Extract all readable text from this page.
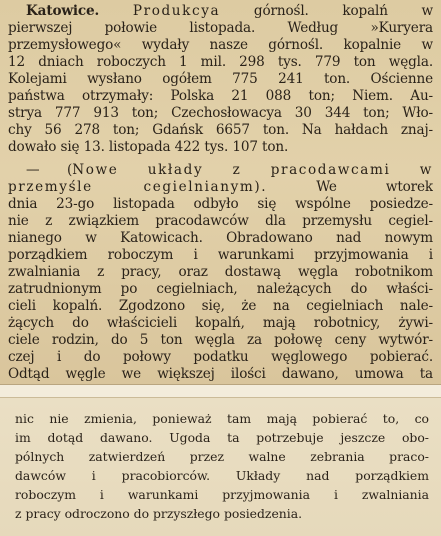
Katowice. Produkcya górnośl. kopalń w
pierwszej połowie listopada. Według »Kuryera
przemysłowego« wydały nasze górnośl. kopalnie w
12 dniach roboczych 1 mil. 298 tys. 779 ton węgla.
Kolejami wysłano ogółem 775 241 ton. Ościenne
państwa otrzymały: Polska 21 088 ton; Niem. Au-
strya 777 913 ton; Czechosłowacya 30 344 ton; Wło-
chy 56 278 ton; Gdańsk 6657 ton. Na hałdach znaj-
dowało się 13. listopada 422 tys. 107 ton.
— (Nowe układy z pracodawcami w
przemyśle cegielnianym).	We wtorek
dnia 23-go listopada odbyło się wspólne posiedze-
nie z związkiem pracodawców dla przemysłu cegiel-
nianego w Katowicach. Obradowano nad nowym
porządkiem roboczym i warunkami przyjmowania i
zwalniania z pracy, oraz dostawą węgla robotnikom
zatrudnionym po cegielniach, należących do właści-
cieli kopalń. Zgodzono się, że na cegielniach nale-
żących do właścicieli kopalń, mają robotnicy, żywi-
ciele rodzin, do 5 ton węgla za połowę ceny wytwór-
czej i do połowy podatku węglowego pobierać.
Odtąd węgle we większej ilości dawano, umowa ta
nic nie zmienia, ponieważ tam mają pobierać to, co
im dotąd dawano. Ugoda ta potrzebuje jeszcze obo-
pólnych zatwierdzeń przez walne zebrania praco-
dawców i pracobiorców. Układy nad porządkiem
roboczym i warunkami przyjmowania i zwalniania
z pracy odroczono do przyszłego posiedzenia.
